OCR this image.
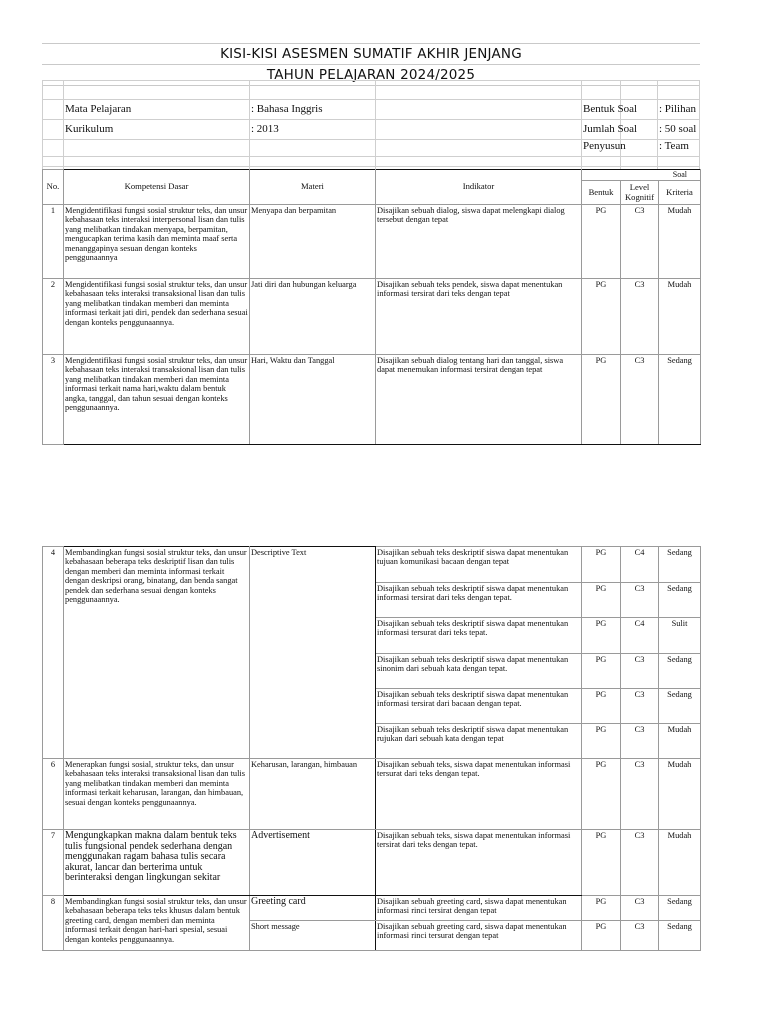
KISI-KISI ASESMEN SUMATIF AKHIR JENJANG
TAHUN PELAJARAN 2024/2025
Mata Pelajaran	: Bahasa Inggris	Bentuk Soal : Pilihan
Kurikulum	: 2013	Jumlah Soal : 50 soal
Penyusun	: Team
No.	Kompetensi Dasar	Materi	Indikator	Soal		
				Bentuk	Level Kognitif	Kriteria
1	Mengidentifikasi fungsi sosial struktur teks, dan unsur kebahasaan teks interaksi interpersonal lisan dan tulis yang melibatkan tindakan menyapa, berpamitan, mengucapkan terima kasih dan meminta maaf serta menanggapinya sesuan dengan konteks penggunaannya	Menyapa dan berpamitan	Disajikan sebuah dialog, siswa dapat melengkapi dialog tersebut dengan tepat	PG	C3	Mudah
2	Mengidentifikasi fungsi sosial struktur teks, dan unsur kebahasaan teks interaksi transaksional lisan dan tulis yang melibatkan tindakan memberi dan meminta informasi terkait jati diri, pendek dan sederhana sesuai dengan konteks penggunaannya.	Jati diri dan hubungan keluarga	Disajikan sebuah teks pendek, siswa dapat menentukan informasi tersirat dari teks dengan tepat	PG	C3	Mudah
3	Mengidentifikasi fungsi sosial struktur teks, dan unsur kebahasaan teks interaksi transaksional lisan dan tulis yang melibatkan tindakan memberi dan meminta informasi terkait nama hari,waktu dalam bentuk angka, tanggal, dan tahun sesuai dengan konteks penggunaannya.	Hari, Waktu dan Tanggal	Disajikan sebuah dialog tentang hari dan tanggal, siswa dapat menemukan informasi tersirat dengan tepat	PG	C3	Sedang
4	Membandingkan fungsi sosial struktur teks, dan unsur kebahasaan beberapa teks deskriptif lisan dan tulis dengan memberi dan meminta informasi terkait dengan deskripsi orang, binatang, dan benda sangat pendek dan sederhana sesuai dengan konteks penggunaannya.	Descriptive Text	Disajikan sebuah teks deskriptif siswa dapat menentukan tujuan komunikasi bacaan dengan tepat	PG	C4	Sedang
			Disajikan sebuah teks deskriptif siswa dapat menentukan informasi tersirat dari teks dengan tepat.	PG	C3	Sedang
			Disajikan sebuah teks deskriptif siswa dapat menentukan informasi tersurat dari teks tepat.	PG	C4	Sulit
			Disajikan sebuah teks deskriptif siswa dapat menentukan sinonim dari sebuah kata dengan tepat.	PG	C3	Sedang
			Disajikan sebuah teks deskriptif siswa dapat menentukan informasi tersirat dari bacaan dengan tepat.	PG	C3	Sedang
			Disajikan sebuah teks deskriptif siswa dapat menentukan rujukan dari sebuah kata dengan tepat	PG	C3	Mudah
6	Menerapkan fungsi sosial, struktur teks, dan unsur kebahasaan teks interaksi transaksional lisan dan tulis yang melibatkan tindakan memberi dan meminta informasi terkait keharusan, larangan, dan himbauan, sesuai dengan konteks penggunaannya.	Keharusan, larangan, himbauan	Disajikan sebuah teks, siswa dapat menentukan informasi tersurat dari teks dengan tepat.	PG	C3	Mudah
7	Mengungkapkan makna dalam bentuk teks tulis fungsional pendek sederhana dengan menggunakan ragam bahasa tulis secara akurat, lancar dan berterima untuk berinteraksi dengan lingkungan sekitar	Advertisement	Disajikan sebuah teks, siswa dapat menentukan informasi tersirat dari teks dengan tepat.	PG	C3	Mudah
8	Membandingkan fungsi sosial struktur teks, dan unsur kebahasaan beberapa teks teks khusus dalam bentuk greeting card, dengan memberi dan meminta informasi terkait dengan hari-hari spesial, sesuai dengan konteks penggunaannya.	Greeting card	Disajikan sebuah greeting card, siswa dapat menentukan informasi rinci tersirat dengan tepat	PG	C3	Sedang
		Short message	Disajikan sebuah greeting card, siswa dapat menentukan informasi rinci tersurat dengan tepat	PG	C3	Sedang
